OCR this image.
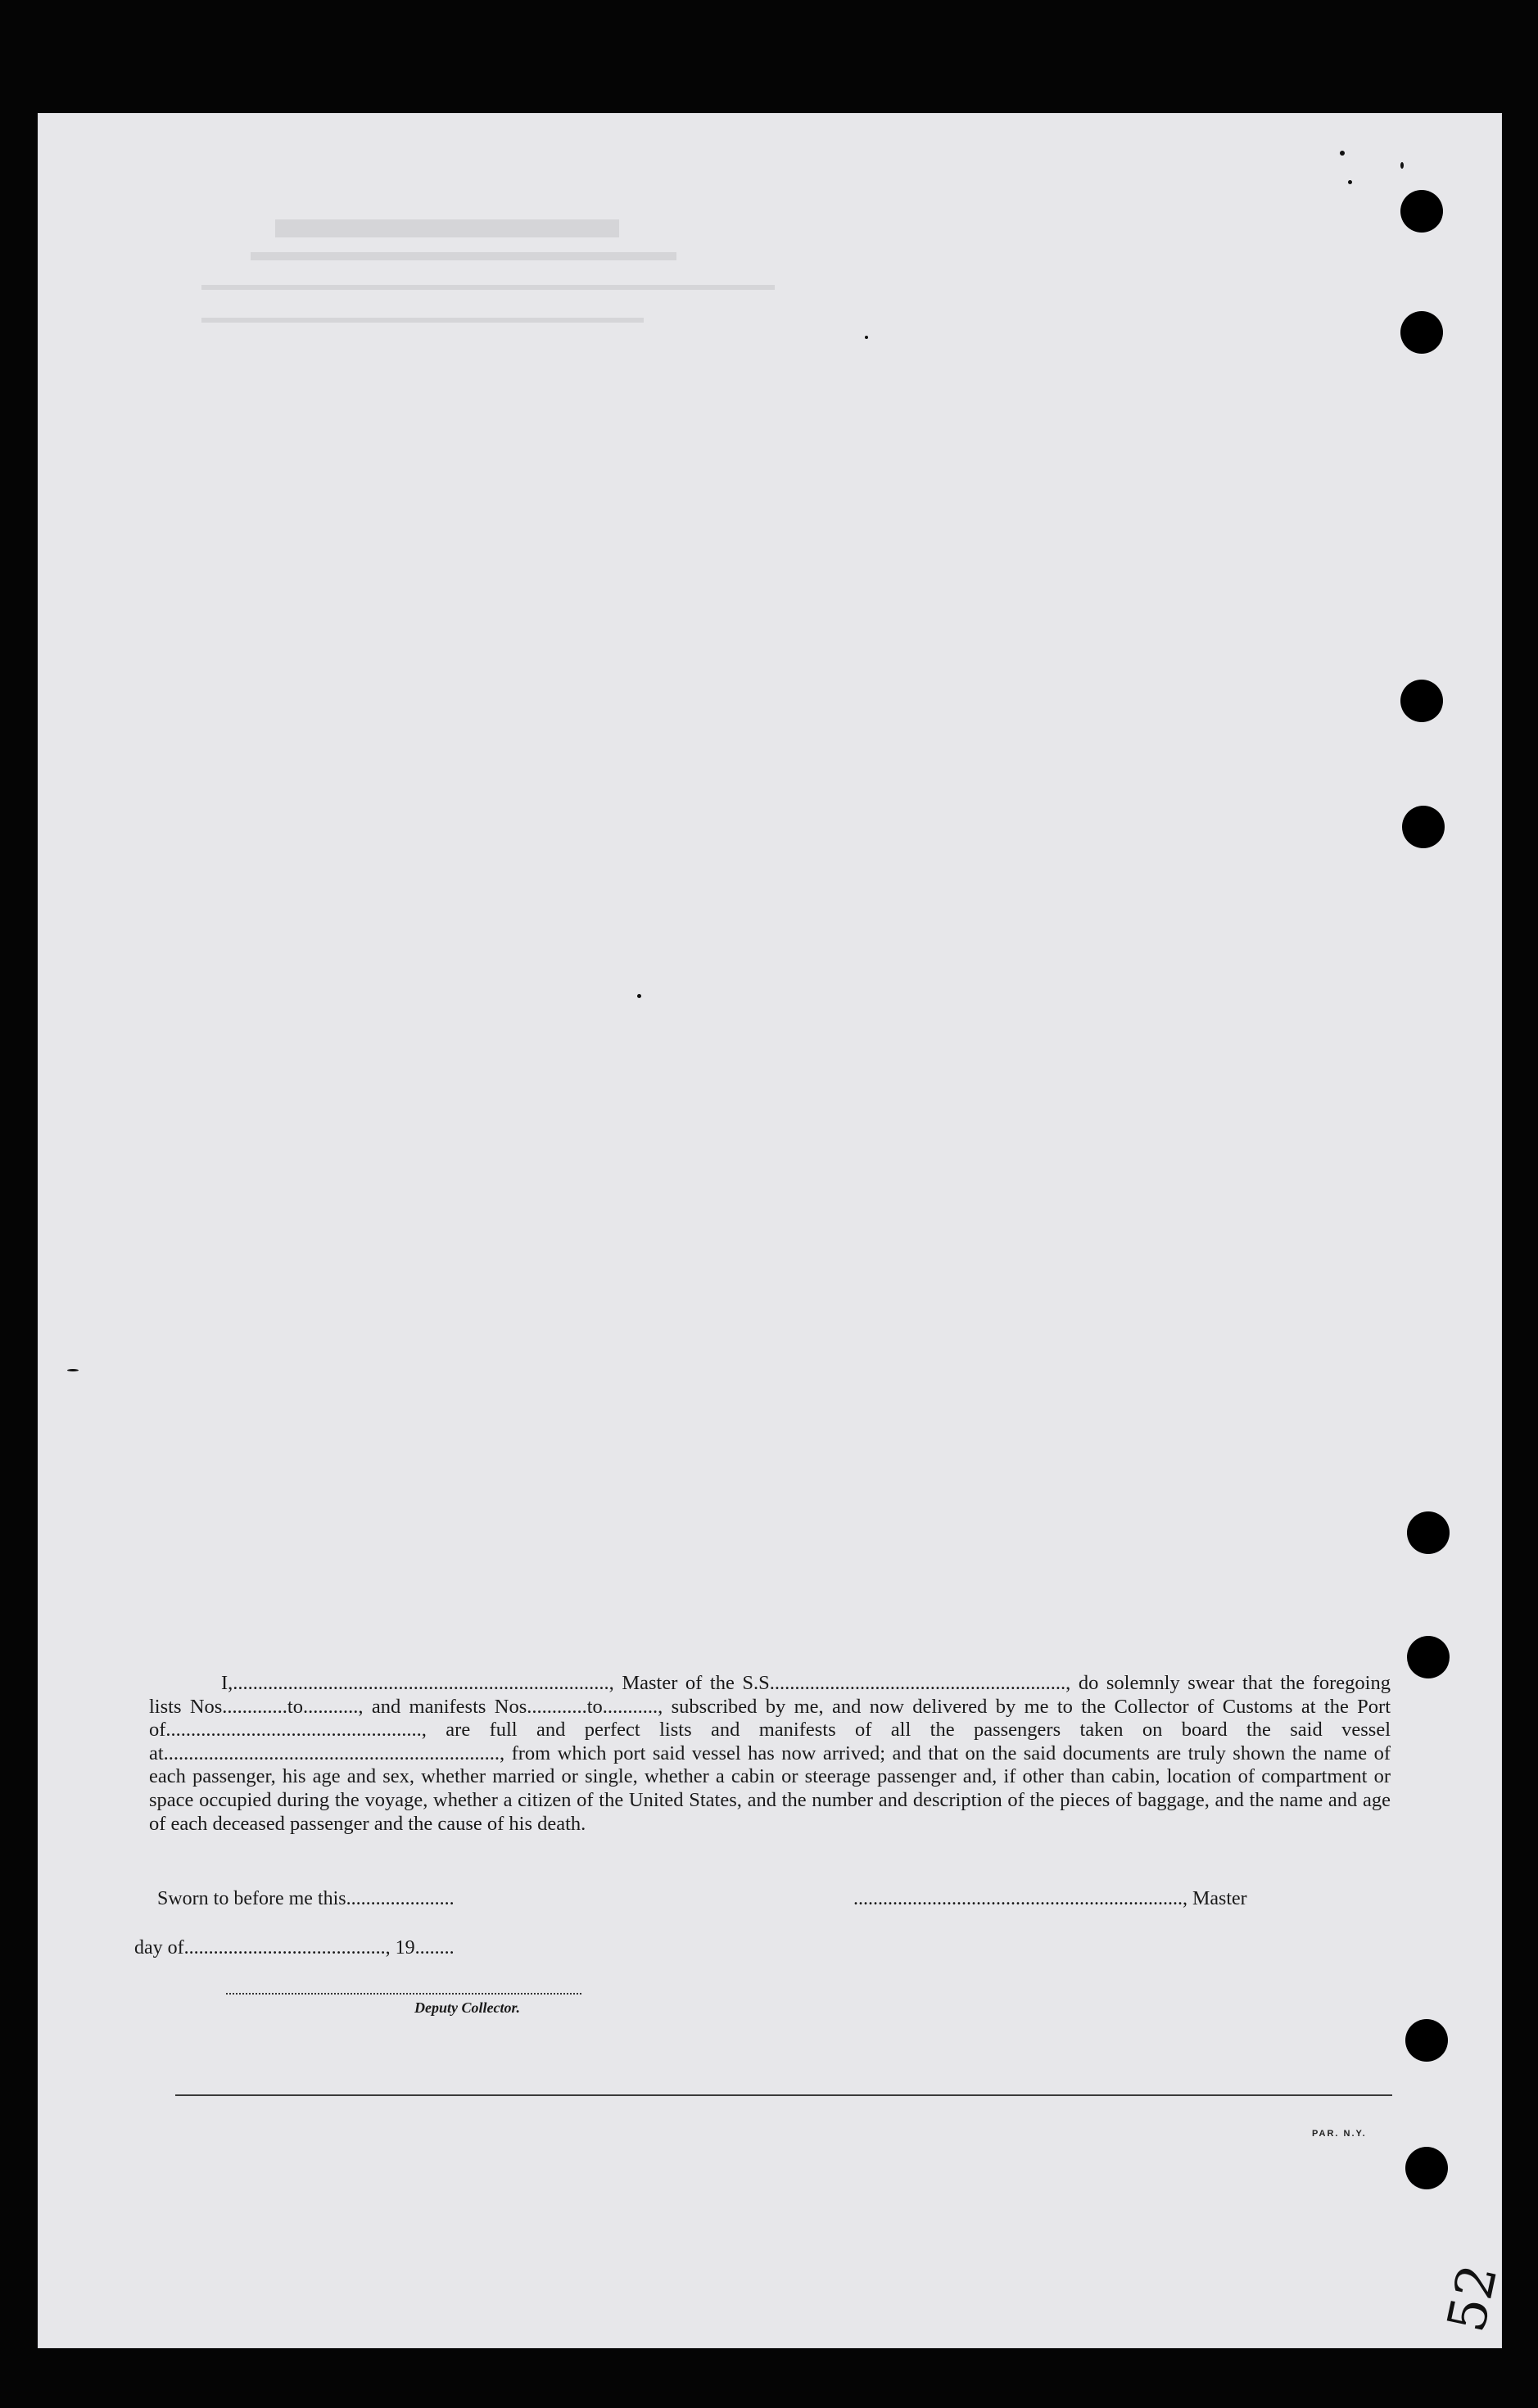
I,..........................................................................., Master of the S.S..........................................................., do solemnly swear that the foregoing lists Nos.............to..........., and manifests Nos............to..........., subscribed by me, and now delivered by me to the Collector of Customs at the Port of..................................................., are full and perfect lists and manifests of all the passengers taken on board the said vessel at..................................................................., from which port said vessel has now arrived; and that on the said documents are truly shown the name of each passenger, his age and sex, whether married or single, whether a cabin or steerage passenger and, if other than cabin, location of compartment or space occupied during the voyage, whether a citizen of the United States, and the number and description of the pieces of baggage, and the name and age of each deceased passenger and the cause of his death.

Sworn to before me this......................	..................................................................., Master
day of........................................., 19........
Deputy Collector.
PAR. N.Y.
52
